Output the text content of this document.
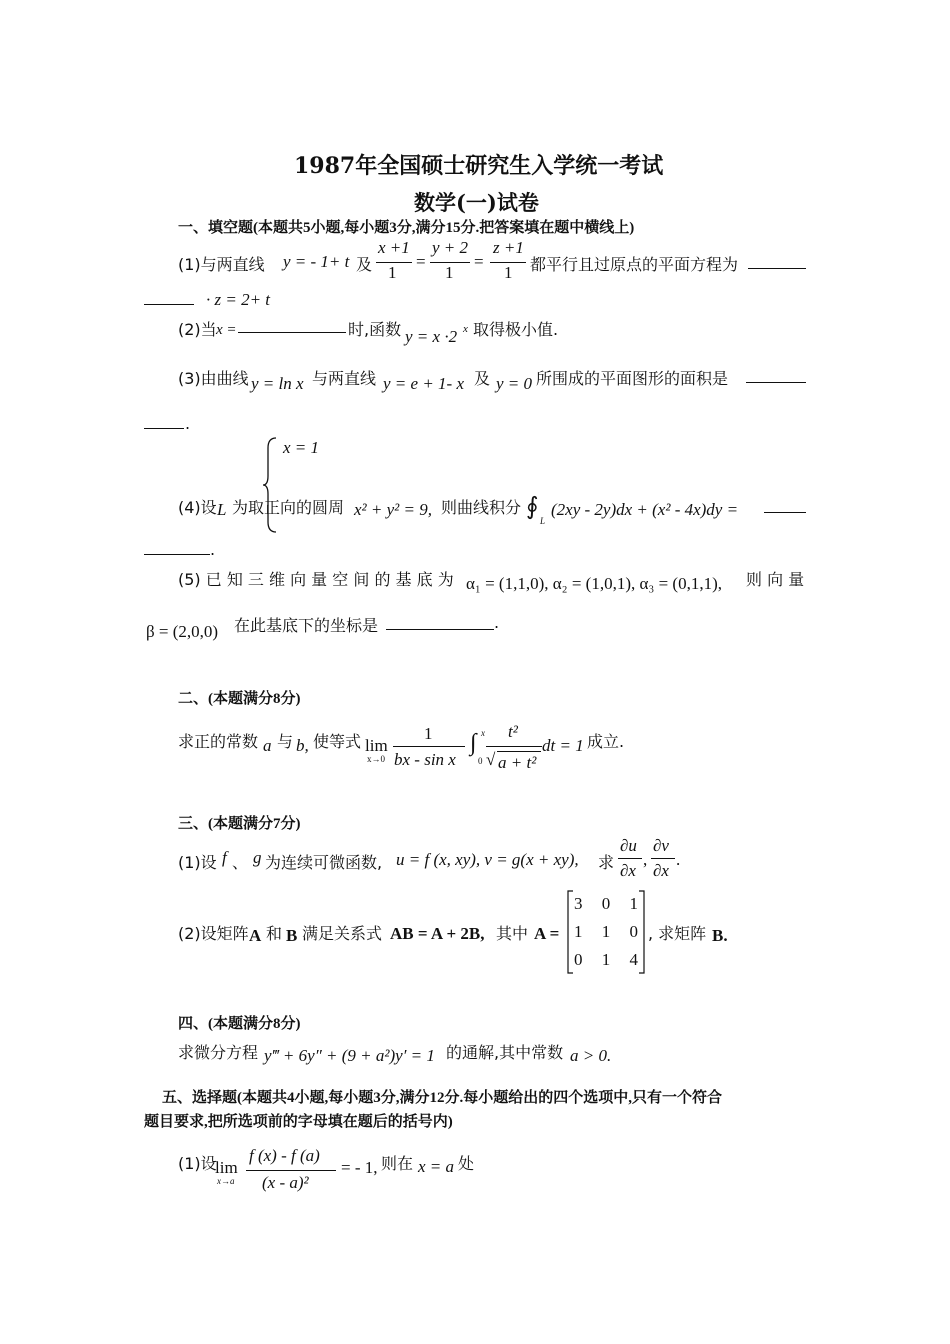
1987年全国硕士研究生入学统一考试
数学(一)试卷
一、填空题(本题共5小题,每小题3分,满分15分.把答案填在题中横线上)
(1)与两直线 y = - 1+ t 及
x +1
1
=
y + 2
1
=
z +1
1 都平行且过原点的平面方程为
· z = 2+ t
(2)当 x =	时,函数 y = x ·2 x 取得极小值.
(3)由曲线 y = ln x 与两直线 y = e + 1- x 及 y = 0 所围成的平面图形的面积是
.
x = 1
(4)设 L 为取正向的圆周 x² + y² = 9, 则曲线积分 ∮
L
(2xy - 2y)dx + (x² - 4x)dy =
.
(5) 已 知 三 维 向 量 空 间 的 基 底 为 α₁ = (1,1,0), α₂ = (1,0,1), α₃ = (0,1,1), 则 向 量
β = (2,0,0) 在此基底下的坐标是	.
二、(本题满分8分)
求正的常数 a 与 b, 使等式 lim
x→0
1
bx - sin x
∫ x
0
t²
√ a + t²
dt = 1 成立.
三、(本题满分7分)
(1)设 f 、 g 为连续可微函数, u = f (x, xy), v = g(x + xy), 求
∂u
∂x
,
∂v
∂x
.
(2)设矩阵 A 和 B 满足关系式 AB = A + 2B, 其中 A =
3 0 1
1 1 0
0 1 4
, 求矩阵 B.
四、(本题满分8分)
求微分方程 y‴ + 6y″ + (9 + a²)y′ = 1 的通解,其中常数 a > 0.
五、选择题(本题共4小题,每小题3分,满分12分.每小题给出的四个选项中,只有一个符合
题目要求,把所选项前的字母填在题后的括号内)
(1)设
lim
x→a
f (x) - f (a)
(x - a)²
= - 1, 则在 x = a 处
